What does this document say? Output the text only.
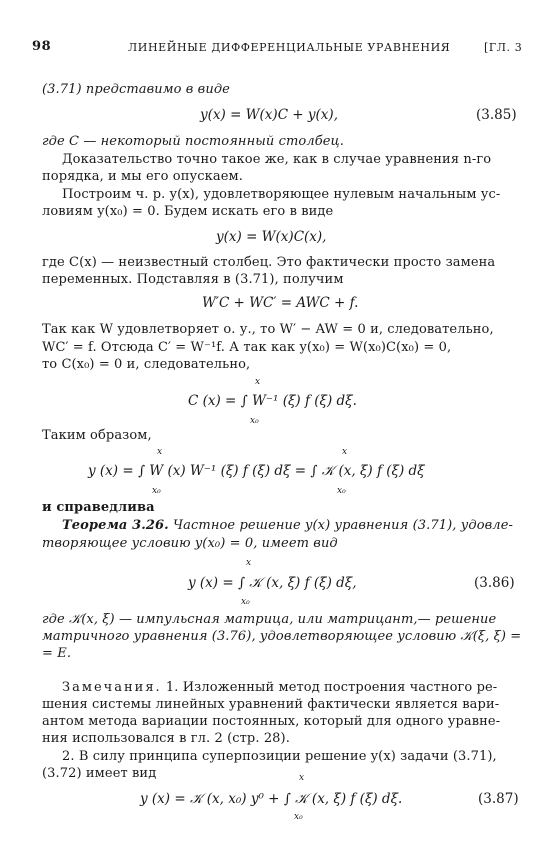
98	ЛИНЕЙНЫЕ ДИФФЕРЕНЦИАЛЬНЫЕ УРАВНЕНИЯ	[ГЛ. 3
(3.71) представимо в виде
y(x) = W(x)C + y(x),	(3.85)
где C — некоторый постоянный столбец.
Доказательство точно такое же, как в случае уравнения n-го
порядка, и мы его опускаем.
Построим ч. р. y(x), удовлетворяющее нулевым начальным ус-
ловиям y(x₀) = 0. Будем искать его в виде
y(x) = W(x)C(x),
где C(x) — неизвестный столбец. Это фактически просто замена
переменных. Подставляя в (3.71), получим
W′C + WC′ = AWC + f.
Так как W удовлетворяет о. у., то W′ − AW = 0 и, следовательно,
WC′ = f. Отсюда C′ = W⁻¹f. А так как y(x₀) = W(x₀)C(x₀) = 0,
то C(x₀) = 0 и, следовательно,
x
C (x) = ∫ W⁻¹ (ξ) f (ξ) dξ.
x₀
Таким образом,
x	x
y (x) = ∫ W (x) W⁻¹ (ξ) f (ξ) dξ = ∫ 𝒦 (x, ξ) f (ξ) dξ
x₀	x₀
и справедлива
Теорема 3.26. Частное решение y(x) уравнения (3.71), удовле-
творяющее условию y(x₀) = 0, имеет вид
x
y (x) = ∫ 𝒦 (x, ξ) f (ξ) dξ,
x₀
(3.86)
где 𝒦(x, ξ) — импульсная матрица, или матрицант,— решение
матричного уравнения (3.76), удовлетворяющее условию 𝒦(ξ, ξ) =
= E.
Замечания. 1. Изложенный метод построения частного ре-
шения системы линейных уравнений фактически является вари-
антом метода вариации постоянных, который для одного уравне-
ния использовался в гл. 2 (стр. 28).
2. В силу принципа суперпозиции решение y(x) задачи (3.71),
(3.72) имеет вид	x
y (x) = 𝒦 (x, x₀) y⁰ + ∫ 𝒦 (x, ξ) f (ξ) dξ.
x₀
(3.87)
